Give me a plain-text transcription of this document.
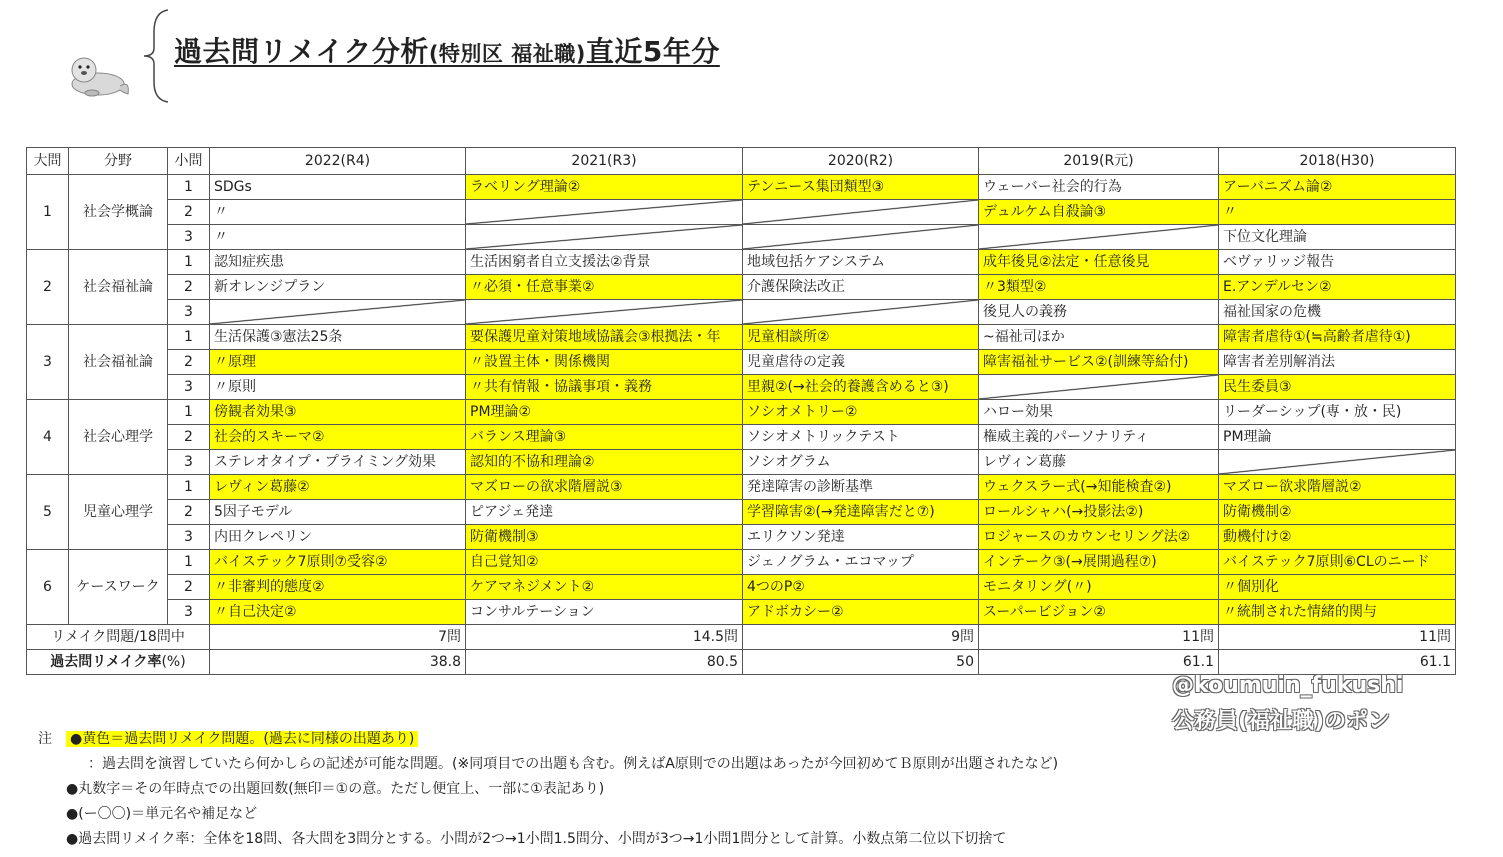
過去問リメイク分析(特別区 福祉職)直近5年分
大問	分野	小問	2022(R4)	2021(R3)	2020(R2)	2019(R元)	2018(H30)
1	社会学概論	1	SDGs	ラベリング理論②	テンニース集団類型③	ウェーバー社会的行為	アーバニズム論②
		2	〃			デュルケム自殺論③	〃
		3	〃				下位文化理論
2	社会福祉論	1	認知症疾患	生活困窮者自立支援法②背景	地域包括ケアシステム	成年後見②法定・任意後見	ベヴァリッジ報告
		2	新オレンジプラン	〃必須・任意事業②	介護保険法改正	〃3類型②	E.アンデルセン②
		3				後見人の義務	福祉国家の危機
3	社会福祉論	1	生活保護③憲法25条	要保護児童対策地域協議会③根拠法・年	児童相談所②	~福祉司ほか	障害者虐待①(≒高齢者虐待①)
		2	〃原理	〃設置主体・関係機関	児童虐待の定義	障害福祉サービス②(訓練等給付)	障害者差別解消法
		3	〃原則	〃共有情報・協議事項・義務	里親②(→社会的養護含めると③)		民生委員③
4	社会心理学	1	傍観者効果③	PM理論②	ソシオメトリー②	ハロー効果	リーダーシップ(専・放・民)
		2	社会的スキーマ②	バランス理論③	ソシオメトリックテスト	権威主義的パーソナリティ	PM理論
		3	ステレオタイプ・プライミング効果	認知的不協和理論②	ソシオグラム	レヴィン葛藤	
5	児童心理学	1	レヴィン葛藤②	マズローの欲求階層説③	発達障害の診断基準	ウェクスラー式(→知能検査②)	マズロー欲求階層説②
		2	5因子モデル	ピアジェ発達	学習障害②(→発達障害だと⑦)	ロールシャハ(→投影法②)	防衛機制②
		3	内田クレペリン	防衛機制③	エリクソン発達	ロジャースのカウンセリング法②	動機付け②
6	ケースワーク	1	バイステック7原則⑦受容②	自己覚知②	ジェノグラム・エコマップ	インテーク③(→展開過程⑦)	バイステック7原則⑥CLのニード
		2	〃非審判的態度②	ケアマネジメント②	4つのP②	モニタリング(〃)	〃個別化
		3	〃自己決定②	コンサルテーション	アドボカシー②	スーパービジョン②	〃統制された情緒的関与
リメイク問題/18問中			7問	14.5問	9問	11問	11問
過去問リメイク率(%)			38.8	80.5	50	61.1	61.1
@koumuin_fukushi
公務員(福祉職)のポン
注 ●黄色＝過去問リメイク問題。(過去に同様の出題あり)
：過去問を演習していたら何かしらの記述が可能な問題。(※同項目での出題も含む。例えばA原則での出題はあったが今回初めてＢ原則が出題されたなど)
●丸数字＝その年時点での出題回数(無印＝①の意。ただし便宜上、一部に①表記あり)
●(ー〇〇)＝単元名や補足など
●過去問リメイク率：全体を18問、各大問を3問分とする。小問が2つ→1小問1.5問分、小問が3つ→1小問1問分として計算。小数点第二位以下切捨て
